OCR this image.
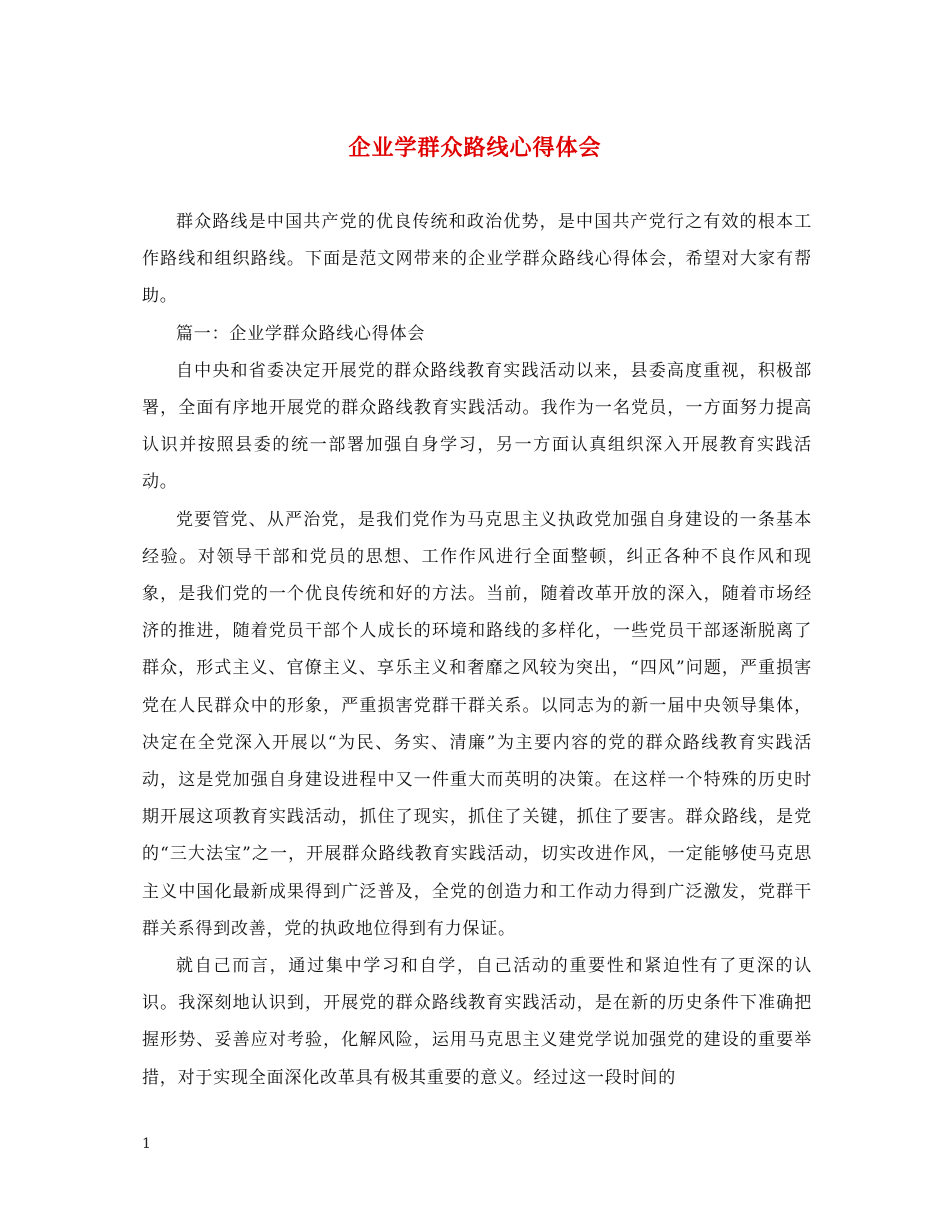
企业学群众路线心得体会

群众路线是中国共产党的优良传统和政治优势，是中国共产党行之有效的根本工作路线和组织路线。下面是范文网带来的企业学群众路线心得体会，希望对大家有帮助。

篇一：企业学群众路线心得体会

自中央和省委决定开展党的群众路线教育实践活动以来，县委高度重视，积极部署，全面有序地开展党的群众路线教育实践活动。我作为一名党员，一方面努力提高认识并按照县委的统一部署加强自身学习，另一方面认真组织深入开展教育实践活动。

党要管党、从严治党，是我们党作为马克思主义执政党加强自身建设的一条基本经验。对领导干部和党员的思想、工作作风进行全面整顿，纠正各种不良作风和现象，是我们党的一个优良传统和好的方法。当前，随着改革开放的深入，随着市场经济的推进，随着党员干部个人成长的环境和路线的多样化，一些党员干部逐渐脱离了群众，形式主义、官僚主义、享乐主义和奢靡之风较为突出，“四风”问题，严重损害党在人民群众中的形象，严重损害党群干群关系。以同志为的新一届中央领导集体，决定在全党深入开展以“为民、务实、清廉”为主要内容的党的群众路线教育实践活动，这是党加强自身建设进程中又一件重大而英明的决策。在这样一个特殊的历史时期开展这项教育实践活动，抓住了现实，抓住了关键，抓住了要害。群众路线，是党的“三大法宝”之一，开展群众路线教育实践活动，切实改进作风，一定能够使马克思主义中国化最新成果得到广泛普及，全党的创造力和工作动力得到广泛激发，党群干群关系得到改善，党的执政地位得到有力保证。

就自己而言，通过集中学习和自学，自己活动的重要性和紧迫性有了更深的认识。我深刻地认识到，开展党的群众路线教育实践活动，是在新的历史条件下准确把握形势、妥善应对考验，化解风险，运用马克思主义建党学说加强党的建设的重要举措，对于实现全面深化改革具有极其重要的意义。经过这一段时间的

1
